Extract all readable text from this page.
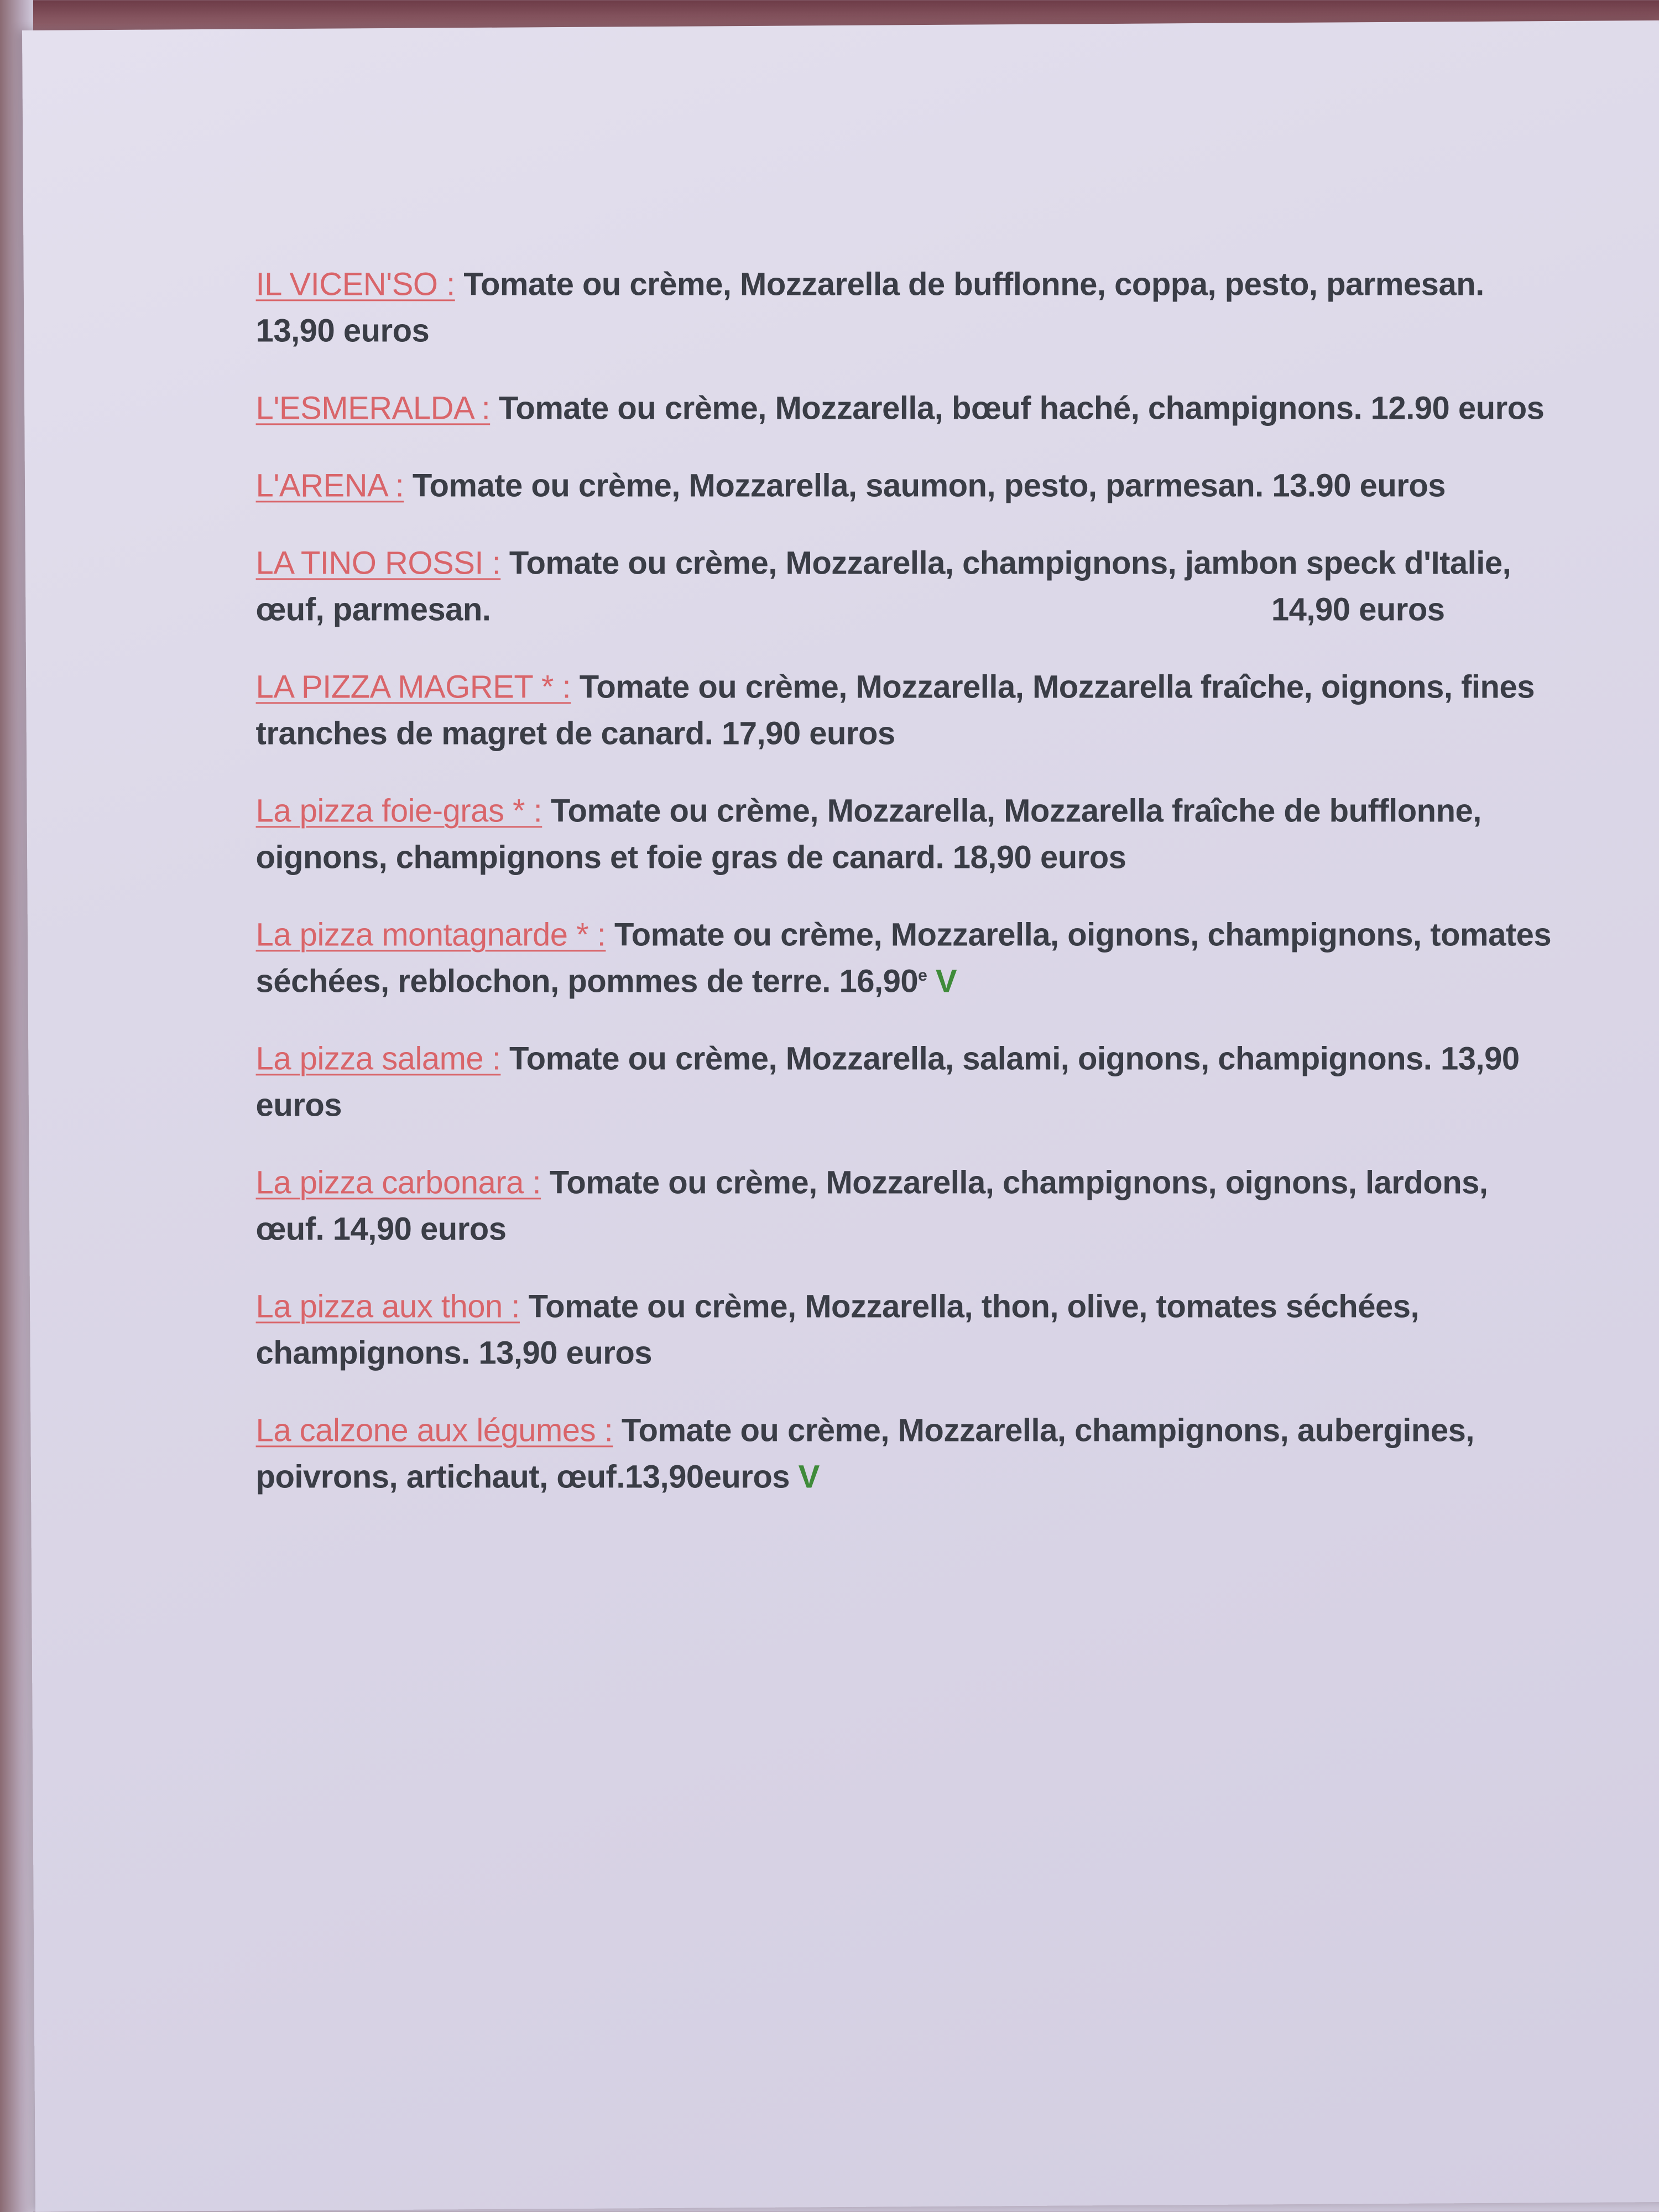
IL VICEN'SO : Tomate ou crème, Mozzarella de bufflonne, coppa, pesto, parmesan. 13,90 euros
L'ESMERALDA : Tomate ou crème, Mozzarella, bœuf haché, champignons. 12.90 euros
L'ARENA : Tomate ou crème, Mozzarella, saumon, pesto, parmesan. 13.90 euros
LA TINO ROSSI : Tomate ou crème, Mozzarella, champignons, jambon speck d'Italie, œuf, parmesan.	14,90 euros
LA PIZZA MAGRET * : Tomate ou crème, Mozzarella, Mozzarella fraîche, oignons, fines tranches de magret de canard. 17,90 euros
La pizza foie-gras * : Tomate ou crème, Mozzarella, Mozzarella fraîche de bufflonne, oignons, champignons et foie gras de canard. 18,90 euros
La pizza montagnarde * : Tomate ou crème, Mozzarella, oignons, champignons, tomates séchées, reblochon, pommes de terre. 16,90e V
La pizza salame : Tomate ou crème, Mozzarella, salami, oignons, champignons. 13,90 euros
La pizza carbonara : Tomate ou crème, Mozzarella, champignons, oignons, lardons, œuf. 14,90 euros
La pizza aux thon : Tomate ou crème, Mozzarella, thon, olive, tomates séchées, champignons. 13,90 euros
La calzone aux légumes : Tomate ou crème, Mozzarella, champignons, aubergines, poivrons, artichaut, œuf.13,90euros V
